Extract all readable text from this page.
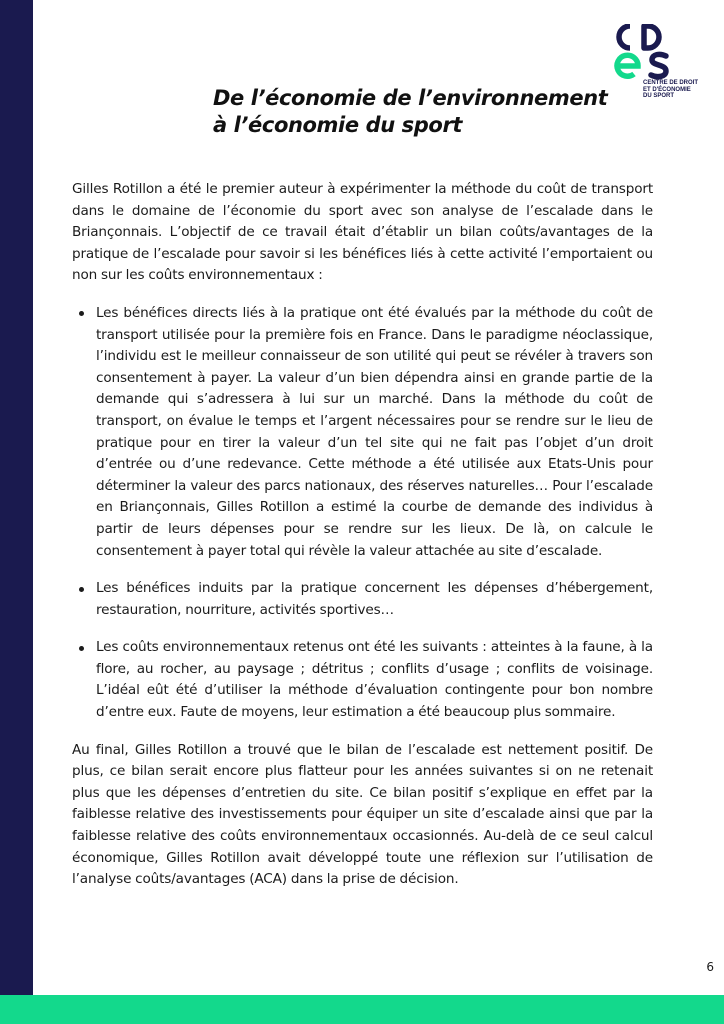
CENTRE DE DROIT
ET D'ÉCONOMIE
DU SPORT
De l’économie de l’environnement
à l’économie du sport

Gilles Rotillon a été le premier auteur à expérimenter la méthode du coût de transport dans le domaine de l’économie du sport avec son analyse de l’escalade dans le Briançonnais. L’objectif de ce travail était d’établir un bilan coûts/avantages de la pratique de l’escalade pour savoir si les bénéfices liés à cette activité l’emportaient ou non sur les coûts environnementaux :

Les bénéfices directs liés à la pratique ont été évalués par la méthode du coût de transport utilisée pour la première fois en France. Dans le paradigme néoclassique, l’individu est le meilleur connaisseur de son utilité qui peut se révéler à travers son consentement à payer. La valeur d’un bien dépendra ainsi en grande partie de la demande qui s’adressera à lui sur un marché. Dans la méthode du coût de transport, on évalue le temps et l’argent nécessaires pour se rendre sur le lieu de pratique pour en tirer la valeur d’un tel site qui ne fait pas l’objet d’un droit d’entrée ou d’une redevance. Cette méthode a été utilisée aux Etats-Unis pour déterminer la valeur des parcs nationaux, des réserves naturelles… Pour l’escalade en Briançonnais, Gilles Rotillon a estimé la courbe de demande des individus à partir de leurs dépenses pour se rendre sur les lieux. De là, on calcule le consentement à payer total qui révèle la valeur attachée au site d’escalade.
Les bénéfices induits par la pratique concernent les dépenses d’hébergement, restauration, nourriture, activités sportives…
Les coûts environnementaux retenus ont été les suivants : atteintes à la faune, à la flore, au rocher, au paysage ; détritus ; conflits d’usage ; conflits de voisinage. L’idéal eût été d’utiliser la méthode d’évaluation contingente pour bon nombre d’entre eux. Faute de moyens, leur estimation a été beaucoup plus sommaire.

Au final, Gilles Rotillon a trouvé que le bilan de l’escalade est nettement positif. De plus, ce bilan serait encore plus flatteur pour les années suivantes si on ne retenait plus que les dépenses d’entretien du site. Ce bilan positif s’explique en effet par la faiblesse relative des investissements pour équiper un site d’escalade ainsi que par la faiblesse relative des coûts environnementaux occasionnés. Au-delà de ce seul calcul économique, Gilles Rotillon avait développé toute une réflexion sur l’utilisation de l’analyse coûts/avantages (ACA) dans la prise de décision.

6
